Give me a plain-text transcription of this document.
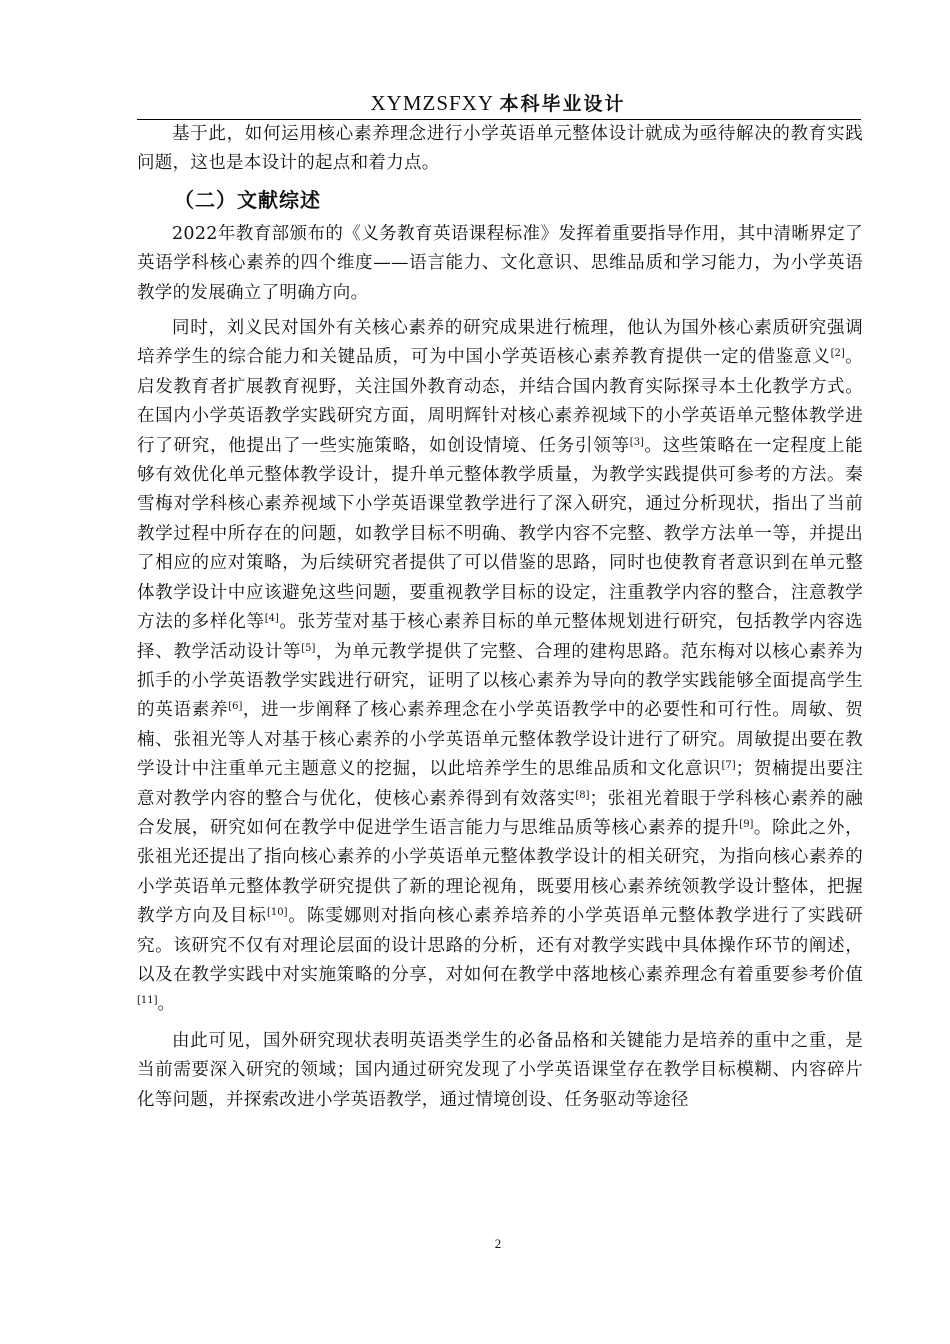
XYMZSFXY 本科毕业设计

基于此，如何运用核心素养理念进行小学英语单元整体设计就成为亟待解决的教育实践问题，这也是本设计的起点和着力点。

（二）文献综述

2022年教育部颁布的《义务教育英语课程标准》发挥着重要指导作用，其中清晰界定了英语学科核心素养的四个维度——语言能力、文化意识、思维品质和学习能力，为小学英语教学的发展确立了明确方向。

同时，刘义民对国外有关核心素养的研究成果进行梳理，他认为国外核心素质研究强调培养学生的综合能力和关键品质，可为中国小学英语核心素养教育提供一定的借鉴意义[2]。启发教育者扩展教育视野，关注国外教育动态，并结合国内教育实际探寻本土化教学方式。在国内小学英语教学实践研究方面，周明辉针对核心素养视域下的小学英语单元整体教学进行了研究，他提出了一些实施策略，如创设情境、任务引领等[3]。这些策略在一定程度上能够有效优化单元整体教学设计，提升单元整体教学质量，为教学实践提供可参考的方法。秦雪梅对学科核心素养视域下小学英语课堂教学进行了深入研究，通过分析现状，指出了当前教学过程中所存在的问题，如教学目标不明确、教学内容不完整、教学方法单一等，并提出了相应的应对策略，为后续研究者提供了可以借鉴的思路，同时也使教育者意识到在单元整体教学设计中应该避免这些问题，要重视教学目标的设定，注重教学内容的整合，注意教学方法的多样化等[4]。张芳莹对基于核心素养目标的单元整体规划进行研究，包括教学内容选择、教学活动设计等[5]，为单元教学提供了完整、合理的建构思路。范东梅对以核心素养为抓手的小学英语教学实践进行研究，证明了以核心素养为导向的教学实践能够全面提高学生的英语素养[6]，进一步阐释了核心素养理念在小学英语教学中的必要性和可行性。周敏、贺楠、张祖光等人对基于核心素养的小学英语单元整体教学设计进行了研究。周敏提出要在教学设计中注重单元主题意义的挖掘，以此培养学生的思维品质和文化意识[7]；贺楠提出要注意对教学内容的整合与优化，使核心素养得到有效落实[8]；张祖光着眼于学科核心素养的融合发展，研究如何在教学中促进学生语言能力与思维品质等核心素养的提升[9]。除此之外，张祖光还提出了指向核心素养的小学英语单元整体教学设计的相关研究，为指向核心素养的小学英语单元整体教学研究提供了新的理论视角，既要用核心素养统领教学设计整体，把握教学方向及目标[10]。陈雯娜则对指向核心素养培养的小学英语单元整体教学进行了实践研究。该研究不仅有对理论层面的设计思路的分析，还有对教学实践中具体操作环节的阐述，以及在教学实践中对实施策略的分享，对如何在教学中落地核心素养理念有着重要参考价值[11]。

由此可见，国外研究现状表明英语类学生的必备品格和关键能力是培养的重中之重，是当前需要深入研究的领域；国内通过研究发现了小学英语课堂存在教学目标模糊、内容碎片化等问题，并探索改进小学英语教学，通过情境创设、任务驱动等途径

2
